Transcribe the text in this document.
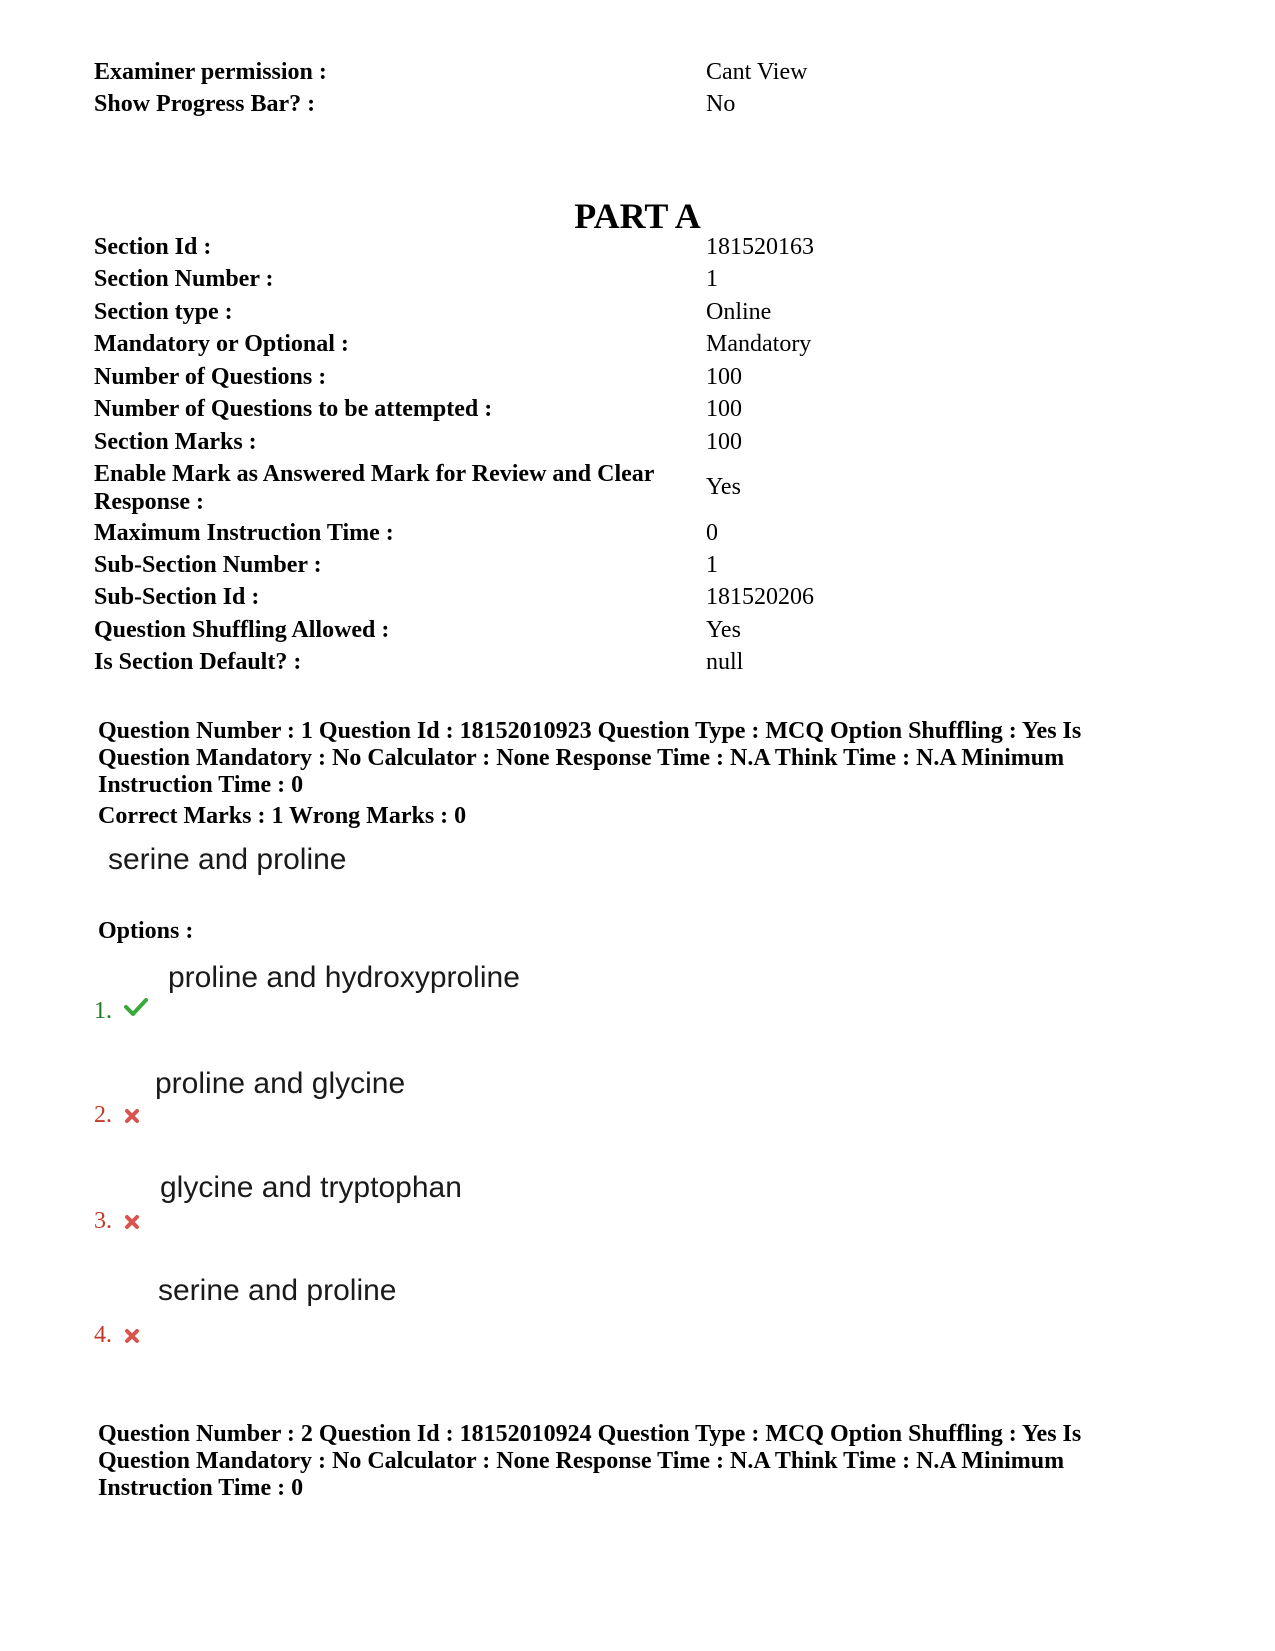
Examiner permission :	Cant View
Show Progress Bar? :	No
PART A
Section Id :	181520163
Section Number :	1
Section type :	Online
Mandatory or Optional :	Mandatory
Number of Questions :	100
Number of Questions to be attempted :	100
Section Marks :	100
Enable Mark as Answered Mark for Review and Clear Response :
Yes
Maximum Instruction Time :	0
Sub-Section Number :	1
Sub-Section Id :	181520206
Question Shuffling Allowed :	Yes
Is Section Default? :	null
Question Number : 1 Question Id : 18152010923 Question Type : MCQ Option Shuffling : Yes Is Question Mandatory : No Calculator : None Response Time : N.A Think Time : N.A Minimum Instruction Time : 0
Correct Marks : 1 Wrong Marks : 0
serine and proline
Options :
proline and hydroxyproline
1.
proline and glycine
2.
glycine and tryptophan
3.
serine and proline
4.
Question Number : 2 Question Id : 18152010924 Question Type : MCQ Option Shuffling : Yes Is Question Mandatory : No Calculator : None Response Time : N.A Think Time : N.A Minimum Instruction Time : 0
